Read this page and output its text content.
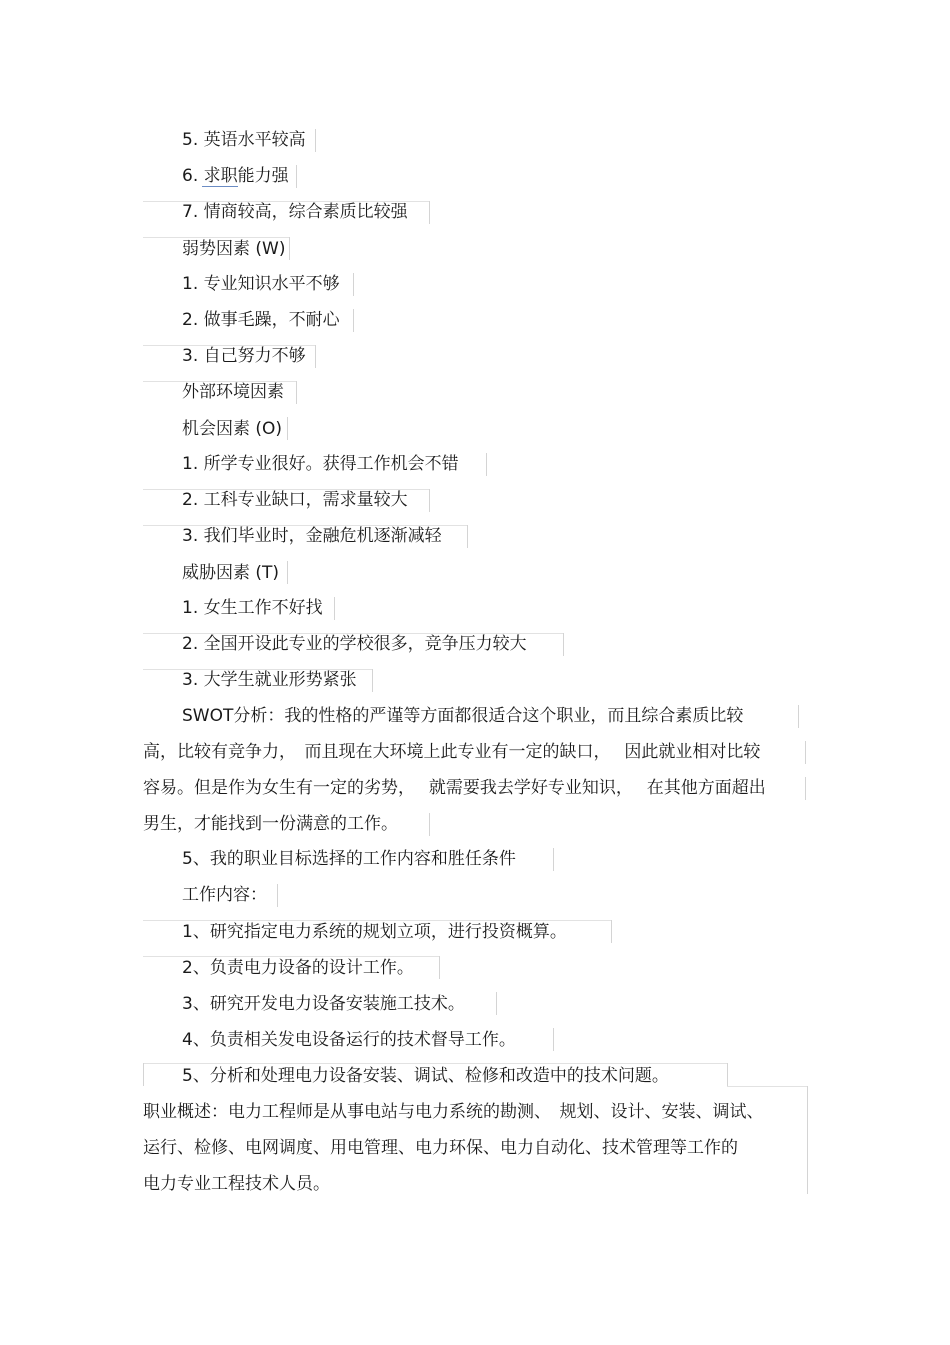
5. 英语水平较高
6. 求职能力强
7. 情商较高，综合素质比较强
弱势因素 (W)
1. 专业知识水平不够
2. 做事毛躁，不耐心
3. 自己努力不够
外部环境因素
机会因素 (O)
1. 所学专业很好。获得工作机会不错
2. 工科专业缺口，需求量较大
3. 我们毕业时，金融危机逐渐减轻
威胁因素 (T)
1. 女生工作不好找
2. 全国开设此专业的学校很多，竞争压力较大
3. 大学生就业形势紧张
SWOT分析：我的性格的严谨等方面都很适合这个职业，而且综合素质比较
高，比较有竞争力，　而且现在大环境上此专业有一定的缺口，　 因此就业相对比较
容易。但是作为女生有一定的劣势，　 就需要我去学好专业知识，　 在其他方面超出
男生，才能找到一份满意的工作。
5、我的职业目标选择的工作内容和胜任条件
工作内容：
1、研究指定电力系统的规划立项，进行投资概算。
2、负责电力设备的设计工作。
3、研究开发电力设备安装施工技术。
4、负责相关发电设备运行的技术督导工作。
5、分析和处理电力设备安装、调试、检修和改造中的技术问题。
职业概述：电力工程师是从事电站与电力系统的勘测、　规划、设计、安装、调试、
运行、检修、电网调度、用电管理、电力环保、电力自动化、技术管理等工作的
电力专业工程技术人员。
